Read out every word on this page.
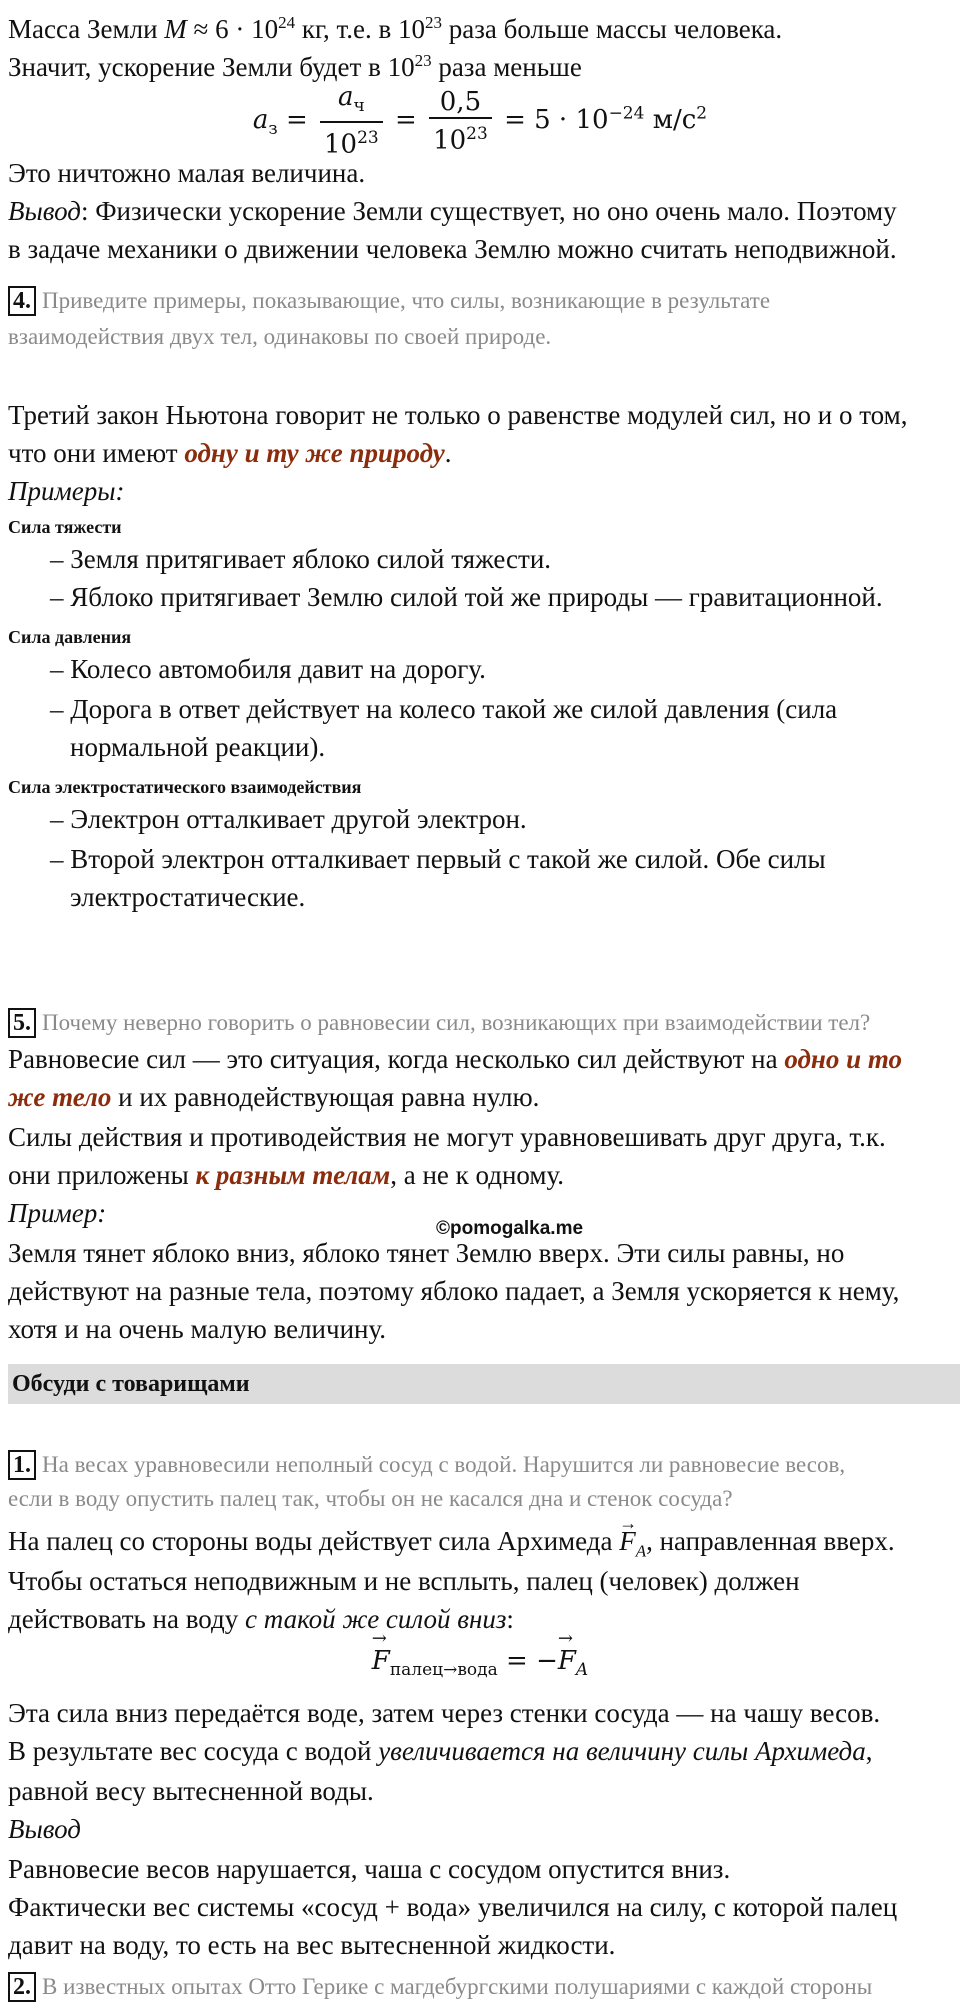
Масса Земли $M \approx 6 \cdot 10^{24}$ кг, т.е. в $10^{23}$ раза больше массы человека.
Значит, ускорение Земли будет в $10^{23}$ раза меньше
$a_з = \frac{a_ч}{10^{23}} = \frac{0,5}{10^{23}} = 5 \cdot 10^{-24}$ $м/с^2$
Это ничтожно малая величина.
Вывод: Физически ускорение Земли существует, но оно очень мало. Поэтому
в задаче механики о движении человека Землю можно считать неподвижной.
4. Приведите примеры, показывающие, что силы, возникающие в результате
взаимодействия двух тел, одинаковы по своей природе.
Третий закон Ньютона говорит не только о равенстве модулей сил, но и о том,
что они имеют одну и ту же природу.
Примеры:
Сила тяжести
– Земля притягивает яблоко силой тяжести.
– Яблоко притягивает Землю силой той же природы — гравитационной.
Сила давления
– Колесо автомобиля давит на дорогу.
– Дорога в ответ действует на колесо такой же силой давления (сила
нормальной реакции).
Сила электростатического взаимодействия
– Электрон отталкивает другой электрон.
– Второй электрон отталкивает первый с такой же силой. Обе силы
электростатические.
5. Почему неверно говорить о равновесии сил, возникающих при взаимодействии тел?
Равновесие сил — это ситуация, когда несколько сил действуют на одно и то
же тело и их равнодействующая равна нулю.
Силы действия и противодействия не могут уравновешивать друг друга, т.к.
они приложены к разным телам, а не к одному.
Пример:
Земля тянет яблоко вниз, яблоко тянет Землю вверх. Эти силы равны, но
действуют на разные тела, поэтому яблоко падает, а Земля ускоряется к нему,
хотя и на очень малую величину.
©pomogalka.me
Обсуди с товарищами
1. На весах уравновесили неполный сосуд с водой. Нарушится ли равновесие весов,
если в воду опустить палец так, чтобы он не касался дна и стенок сосуда?
На палец со стороны воды действует сила Архимеда → $F_A$, направленная вверх.
Чтобы остаться неподвижным и не всплыть, палец (человек) должен
действовать на воду с такой же силой вниз:
→ $F_{палец\to вода}$ = −→ $F_A$
Эта сила вниз передаётся воде, затем через стенки сосуда — на чашу весов.
В результате вес сосуда с водой увеличивается на величину силы Архимеда,
равной весу вытесненной воды.
Вывод
Равновесие весов нарушается, чаша с сосудом опустится вниз.
Фактически вес системы «сосуд + вода» увеличился на силу, с которой палец
давит на воду, то есть на вес вытесненной жидкости.
2. В известных опытах Отто Герике с магдебургскими полушариями с каждой стороны
